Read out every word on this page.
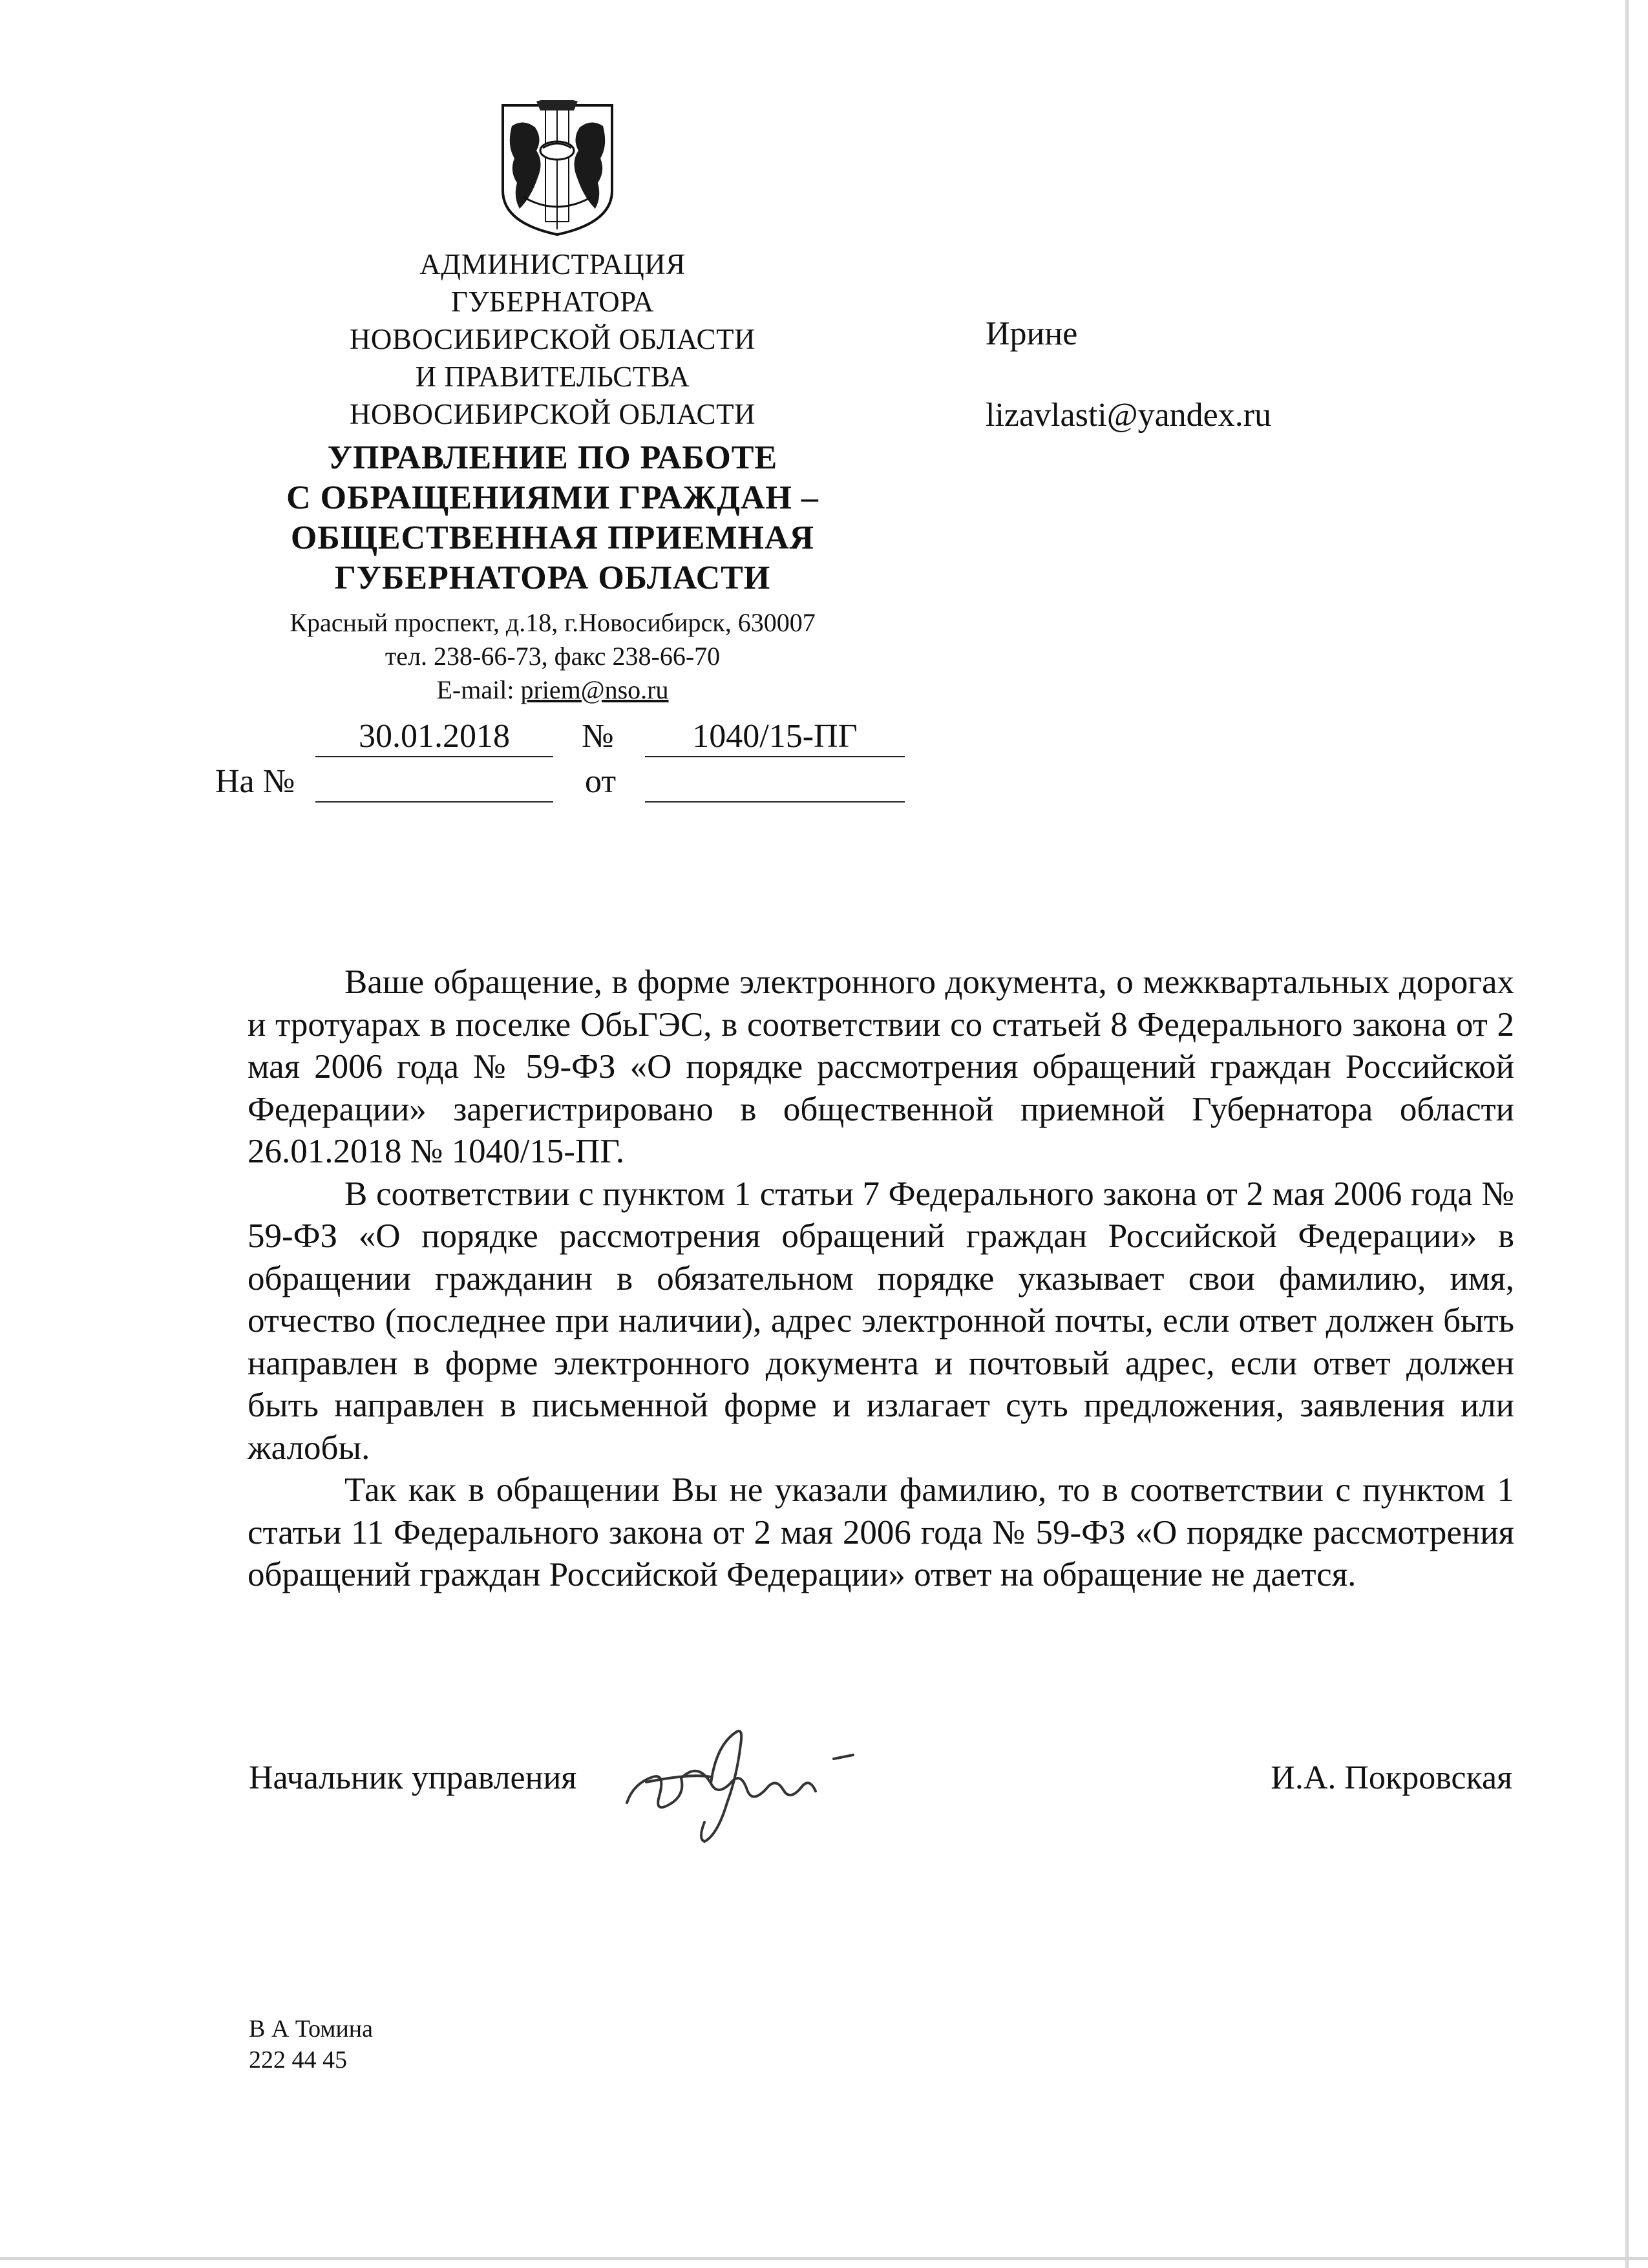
АДМИНИСТРАЦИЯ
ГУБЕРНАТОРА
НОВОСИБИРСКОЙ ОБЛАСТИ
И ПРАВИТЕЛЬСТВА
НОВОСИБИРСКОЙ ОБЛАСТИ
УПРАВЛЕНИЕ ПО РАБОТЕ
С ОБРАЩЕНИЯМИ ГРАЖДАН –
ОБЩЕСТВЕННАЯ ПРИЕМНАЯ
ГУБЕРНАТОРА ОБЛАСТИ
Красный проспект, д.18, г.Новосибирск, 630007
тел. 238-66-73, факс 238-66-70
E-mail: priem@nso.ru
30.01.2018	№	1040/15-ПГ
На №	от
Ирине
lizavlasti@yandex.ru

Ваше обращение, в форме электронного документа, о межквартальных дорогах и тротуарах в поселке ОбьГЭС, в соответствии со статьей 8 Федерального закона от 2 мая 2006 года № 59-ФЗ «О порядке рассмотрения обращений граждан Российской Федерации» зарегистрировано в общественной приемной Губернатора области 26.01.2018 № 1040/15-ПГ.

В соответствии с пунктом 1 статьи 7 Федерального закона от 2 мая 2006 года № 59-ФЗ «О порядке рассмотрения обращений граждан Российской Федерации» в обращении гражданин в обязательном порядке указывает свои фамилию, имя, отчество (последнее при наличии), адрес электронной почты, если ответ должен быть направлен в форме электронного документа и почтовый адрес, если ответ должен быть направлен в письменной форме и излагает суть предложения, заявления или жалобы.

Так как в обращении Вы не указали фамилию, то в соответствии с пунктом 1 статьи 11 Федерального закона от 2 мая 2006 года № 59-ФЗ «О порядке рассмотрения обращений граждан Российской Федерации» ответ на обращение не дается.

Начальник управления	И.А. Покровская
В А Томина
222 44 45
